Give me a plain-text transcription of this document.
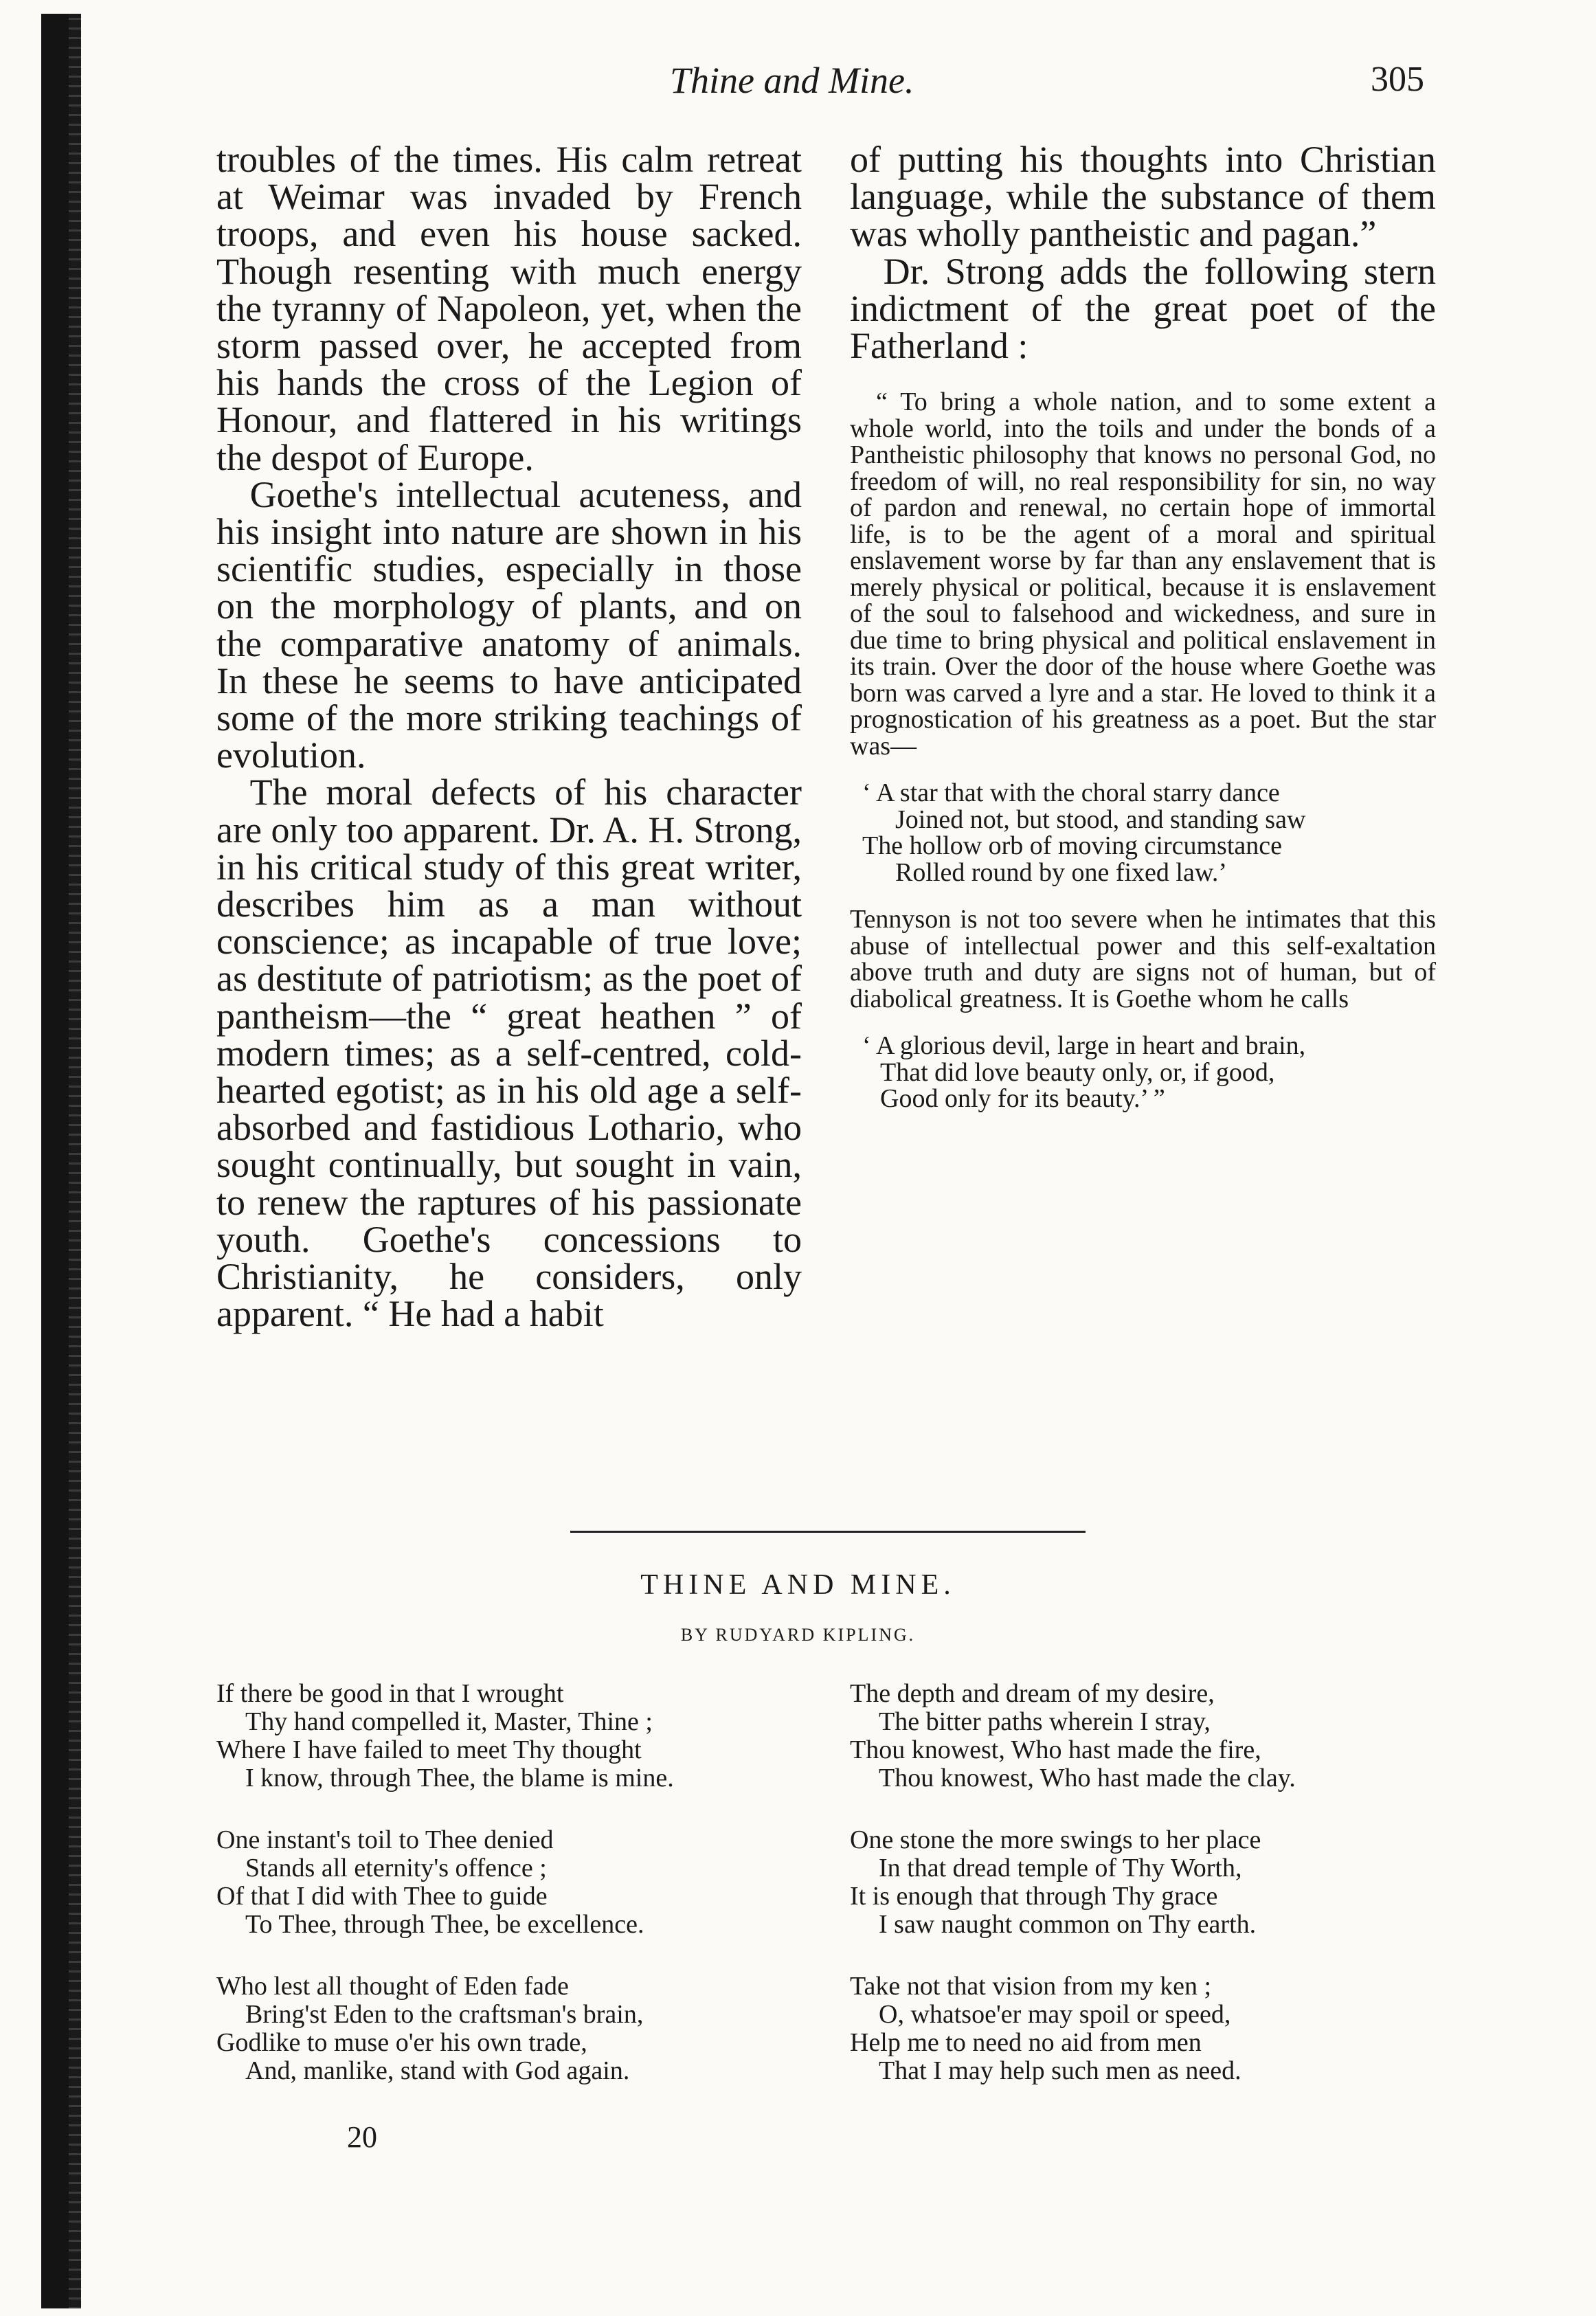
Thine and Mine.	305

troubles of the times. His calm retreat at Weimar was invaded by French troops, and even his house sacked. Though resenting with much energy the tyranny of Napoleon, yet, when the storm passed over, he accepted from his hands the cross of the Legion of Honour, and flattered in his writings the despot of Europe.

Goethe's intellectual acuteness, and his insight into nature are shown in his scientific studies, especially in those on the morphology of plants, and on the comparative anatomy of animals. In these he seems to have anticipated some of the more striking teachings of evolution.

The moral defects of his character are only too apparent. Dr. A. H. Strong, in his critical study of this great writer, describes him as a man without conscience; as incapable of true love; as destitute of patriotism; as the poet of pantheism—the “ great heathen ” of modern times; as a self-centred, cold-hearted egotist; as in his old age a self-absorbed and fastidious Lothario, who sought continually, but sought in vain, to renew the raptures of his passionate youth. Goethe's concessions to Christianity, he considers, only apparent. “ He had a habit

of putting his thoughts into Christian language, while the substance of them was wholly pantheistic and pagan.”

Dr. Strong adds the following stern indictment of the great poet of the Fatherland :

“ To bring a whole nation, and to some extent a whole world, into the toils and under the bonds of a Pantheistic philosophy that knows no personal God, no freedom of will, no real responsibility for sin, no way of pardon and renewal, no certain hope of immortal life, is to be the agent of a moral and spiritual enslavement worse by far than any enslavement that is merely physical or political, because it is enslavement of the soul to falsehood and wickedness, and sure in due time to bring physical and political enslavement in its train. Over the door of the house where Goethe was born was carved a lyre and a star. He loved to think it a prognostication of his greatness as a poet. But the star was—

‘ A star that with the choral starry dance
Joined not, but stood, and standing saw
The hollow orb of moving circumstance
Rolled round by one fixed law.’

Tennyson is not too severe when he intimates that this abuse of intellectual power and this self-exaltation above truth and duty are signs not of human, but of diabolical greatness. It is Goethe whom he calls

‘ A glorious devil, large in heart and brain,
That did love beauty only, or, if good,
Good only for its beauty.’ ”
THINE AND MINE.
BY RUDYARD KIPLING.
If there be good in that I wrought
Thy hand compelled it, Master, Thine ;
Where I have failed to meet Thy thought
I know, through Thee, the blame is mine.
One instant's toil to Thee denied
Stands all eternity's offence ;
Of that I did with Thee to guide
To Thee, through Thee, be excellence.
Who lest all thought of Eden fade
Bring'st Eden to the craftsman's brain,
Godlike to muse o'er his own trade,
And, manlike, stand with God again.
The depth and dream of my desire,
The bitter paths wherein I stray,
Thou knowest, Who hast made the fire,
Thou knowest, Who hast made the clay.
One stone the more swings to her place
In that dread temple of Thy Worth,
It is enough that through Thy grace
I saw naught common on Thy earth.
Take not that vision from my ken ;
O, whatsoe'er may spoil or speed,
Help me to need no aid from men
That I may help such men as need.
20
